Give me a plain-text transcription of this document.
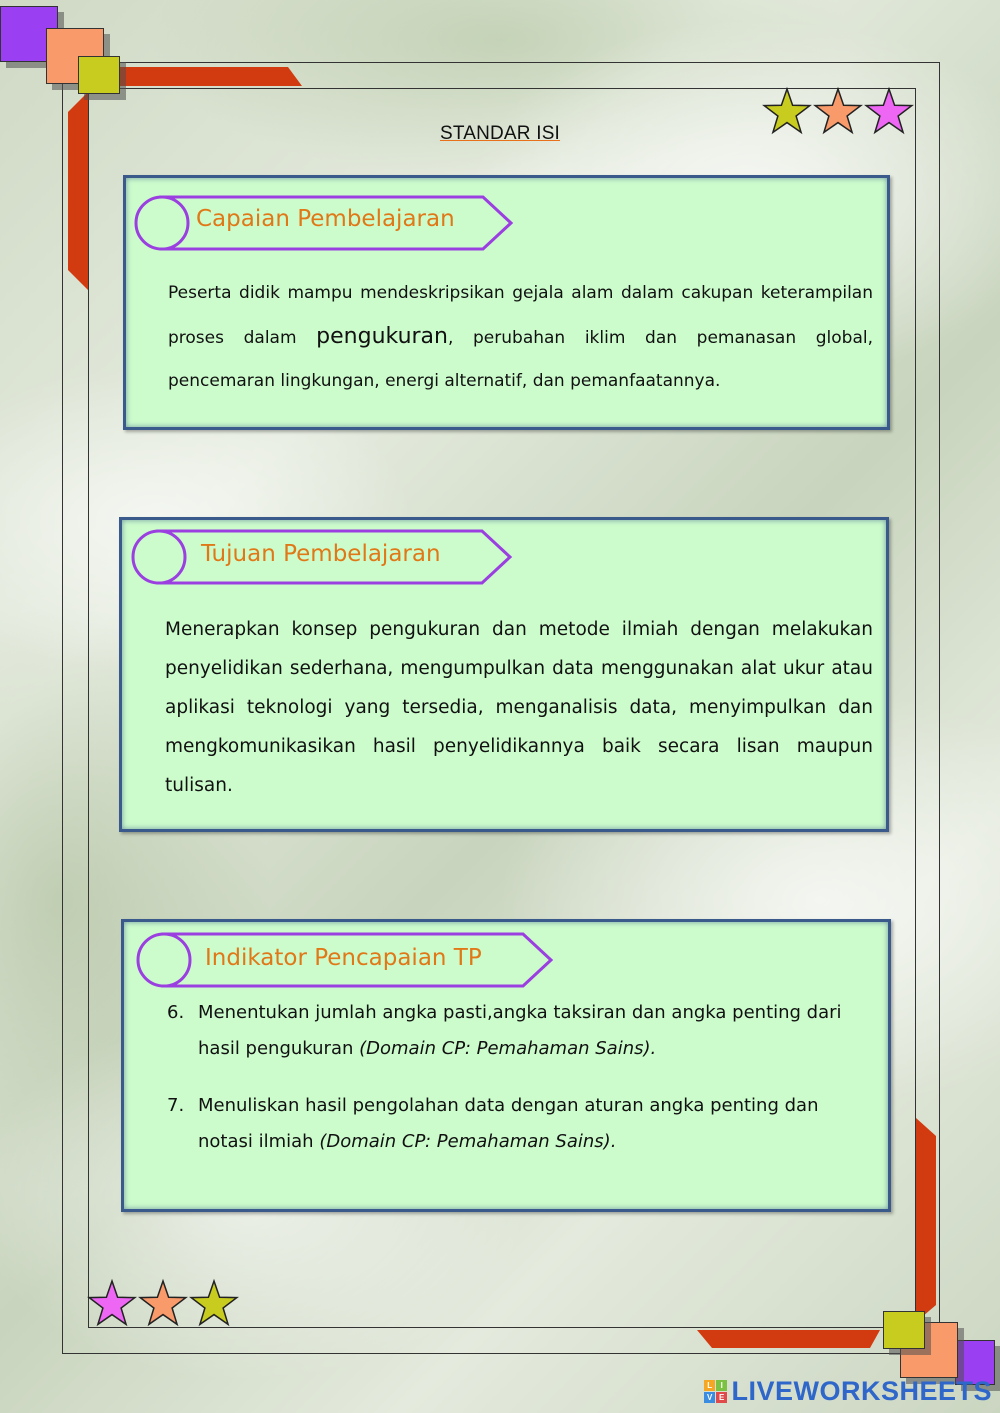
STANDAR ISI
Capaian Pembelajaran
Peserta didik mampu mendeskripsikan gejala alam dalam cakupan keterampilan proses dalam pengukuran, perubahan iklim dan pemanasan global, pencemaran lingkungan, energi alternatif, dan pemanfaatannya.
Tujuan Pembelajaran
Menerapkan konsep pengukuran dan metode ilmiah dengan melakukan penyelidikan sederhana, mengumpulkan data menggunakan alat ukur atau aplikasi teknologi yang tersedia, menganalisis data, menyimpulkan dan mengkomunikasikan hasil penyelidikannya baik secara lisan maupun tulisan.
Indikator Pencapaian TP
6. Menentukan jumlah angka pasti,angka taksiran dan angka penting dari hasil pengukuran (Domain CP: Pemahaman Sains).
7. Menuliskan hasil pengolahan data dengan aturan angka penting dan notasi ilmiah (Domain CP: Pemahaman Sains).
L I
V E LIVEWORKSHEETS
